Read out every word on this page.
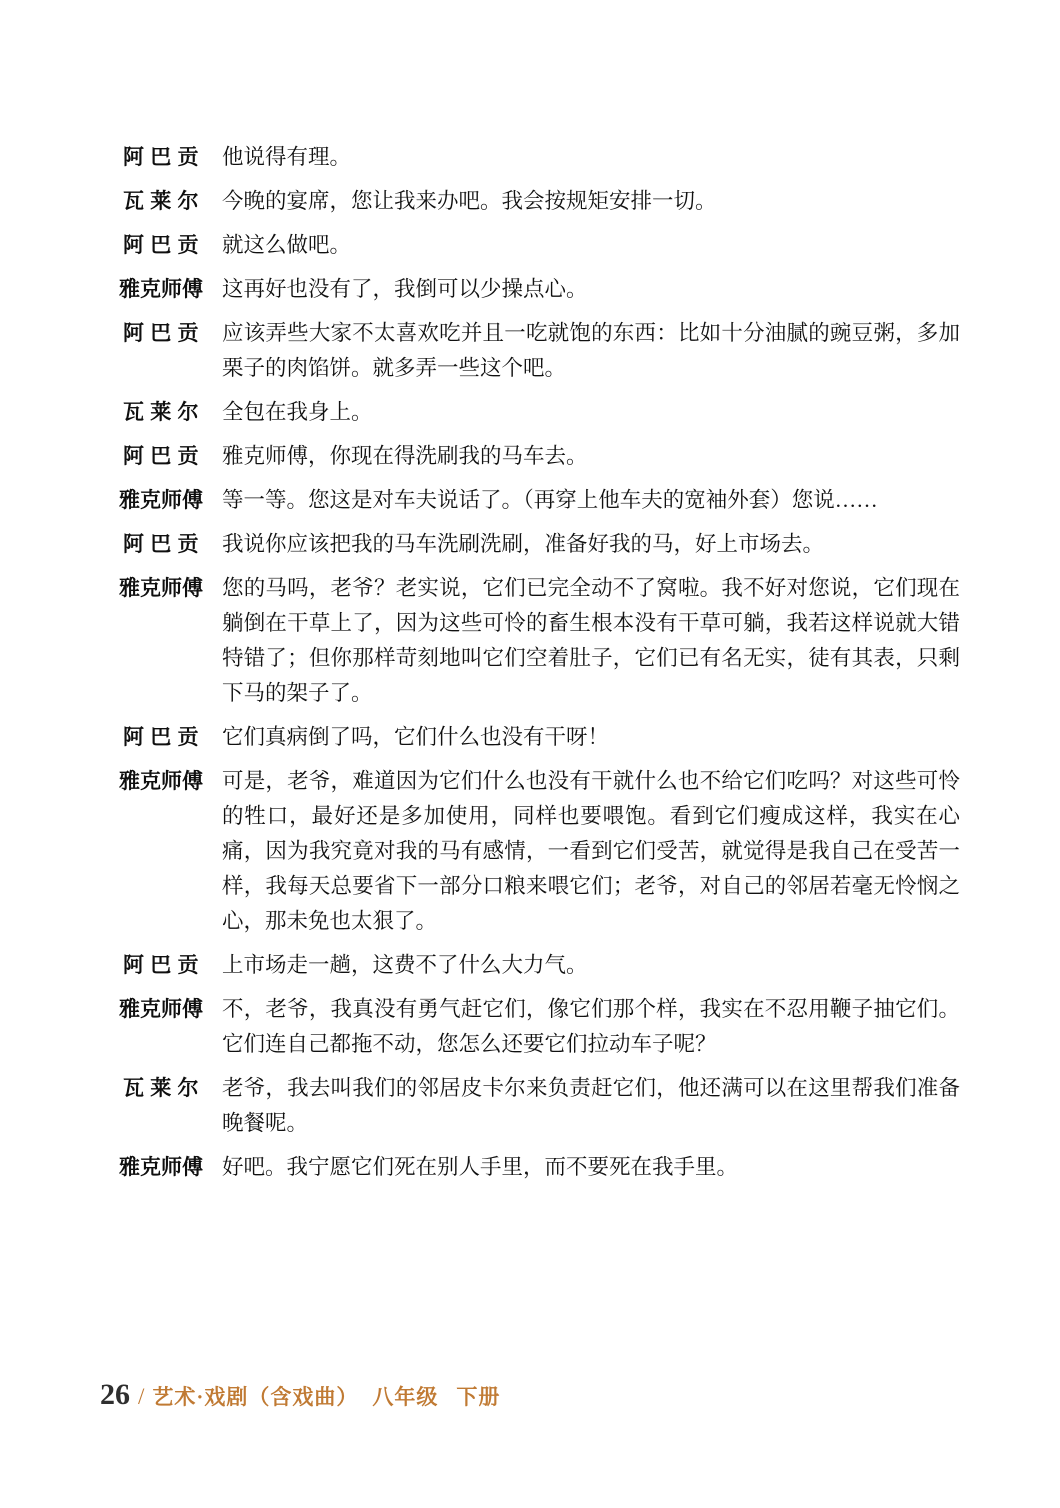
阿 巴 贡	他说得有理。
瓦 莱 尔	今晚的宴席，您让我来办吧。我会按规矩安排一切。
阿 巴 贡	就这么做吧。
雅克师傅 这再好也没有了，我倒可以少操点心。
阿 巴 贡	应该弄些大家不太喜欢吃并且一吃就饱的东西：比如十分油腻的豌豆粥，多加栗子的肉馅饼。就多弄一些这个吧。
瓦 莱 尔	全包在我身上。
阿 巴 贡	雅克师傅，你现在得洗刷我的马车去。
雅克师傅 等一等。您这是对车夫说话了。（再穿上他车夫的宽袖外套）您说……
阿 巴 贡	我说你应该把我的马车洗刷洗刷，准备好我的马，好上市场去。
雅克师傅 您的马吗，老爷？老实说，它们已完全动不了窝啦。我不好对您说，它们现在躺倒在干草上了，因为这些可怜的畜生根本没有干草可躺，我若这样说就大错特错了；但你那样苛刻地叫它们空着肚子，它们已有名无实，徒有其表，只剩下马的架子了。
阿 巴 贡	它们真病倒了吗，它们什么也没有干呀！
雅克师傅 可是，老爷，难道因为它们什么也没有干就什么也不给它们吃吗？对这些可怜的牲口，最好还是多加使用，同样也要喂饱。看到它们瘦成这样，我实在心痛，因为我究竟对我的马有感情，一看到它们受苦，就觉得是我自己在受苦一样，我每天总要省下一部分口粮来喂它们；老爷，对自己的邻居若毫无怜悯之心，那未免也太狠了。
阿 巴 贡	上市场走一趟，这费不了什么大力气。
雅克师傅 不，老爷，我真没有勇气赶它们，像它们那个样，我实在不忍用鞭子抽它们。它们连自己都拖不动，您怎么还要它们拉动车子呢？
瓦 莱 尔	老爷，我去叫我们的邻居皮卡尔来负责赶它们，他还满可以在这里帮我们准备晚餐呢。
雅克师傅 好吧。我宁愿它们死在别人手里，而不要死在我手里。
26 / 艺术·戏剧（含戏曲） 八年级 下册
